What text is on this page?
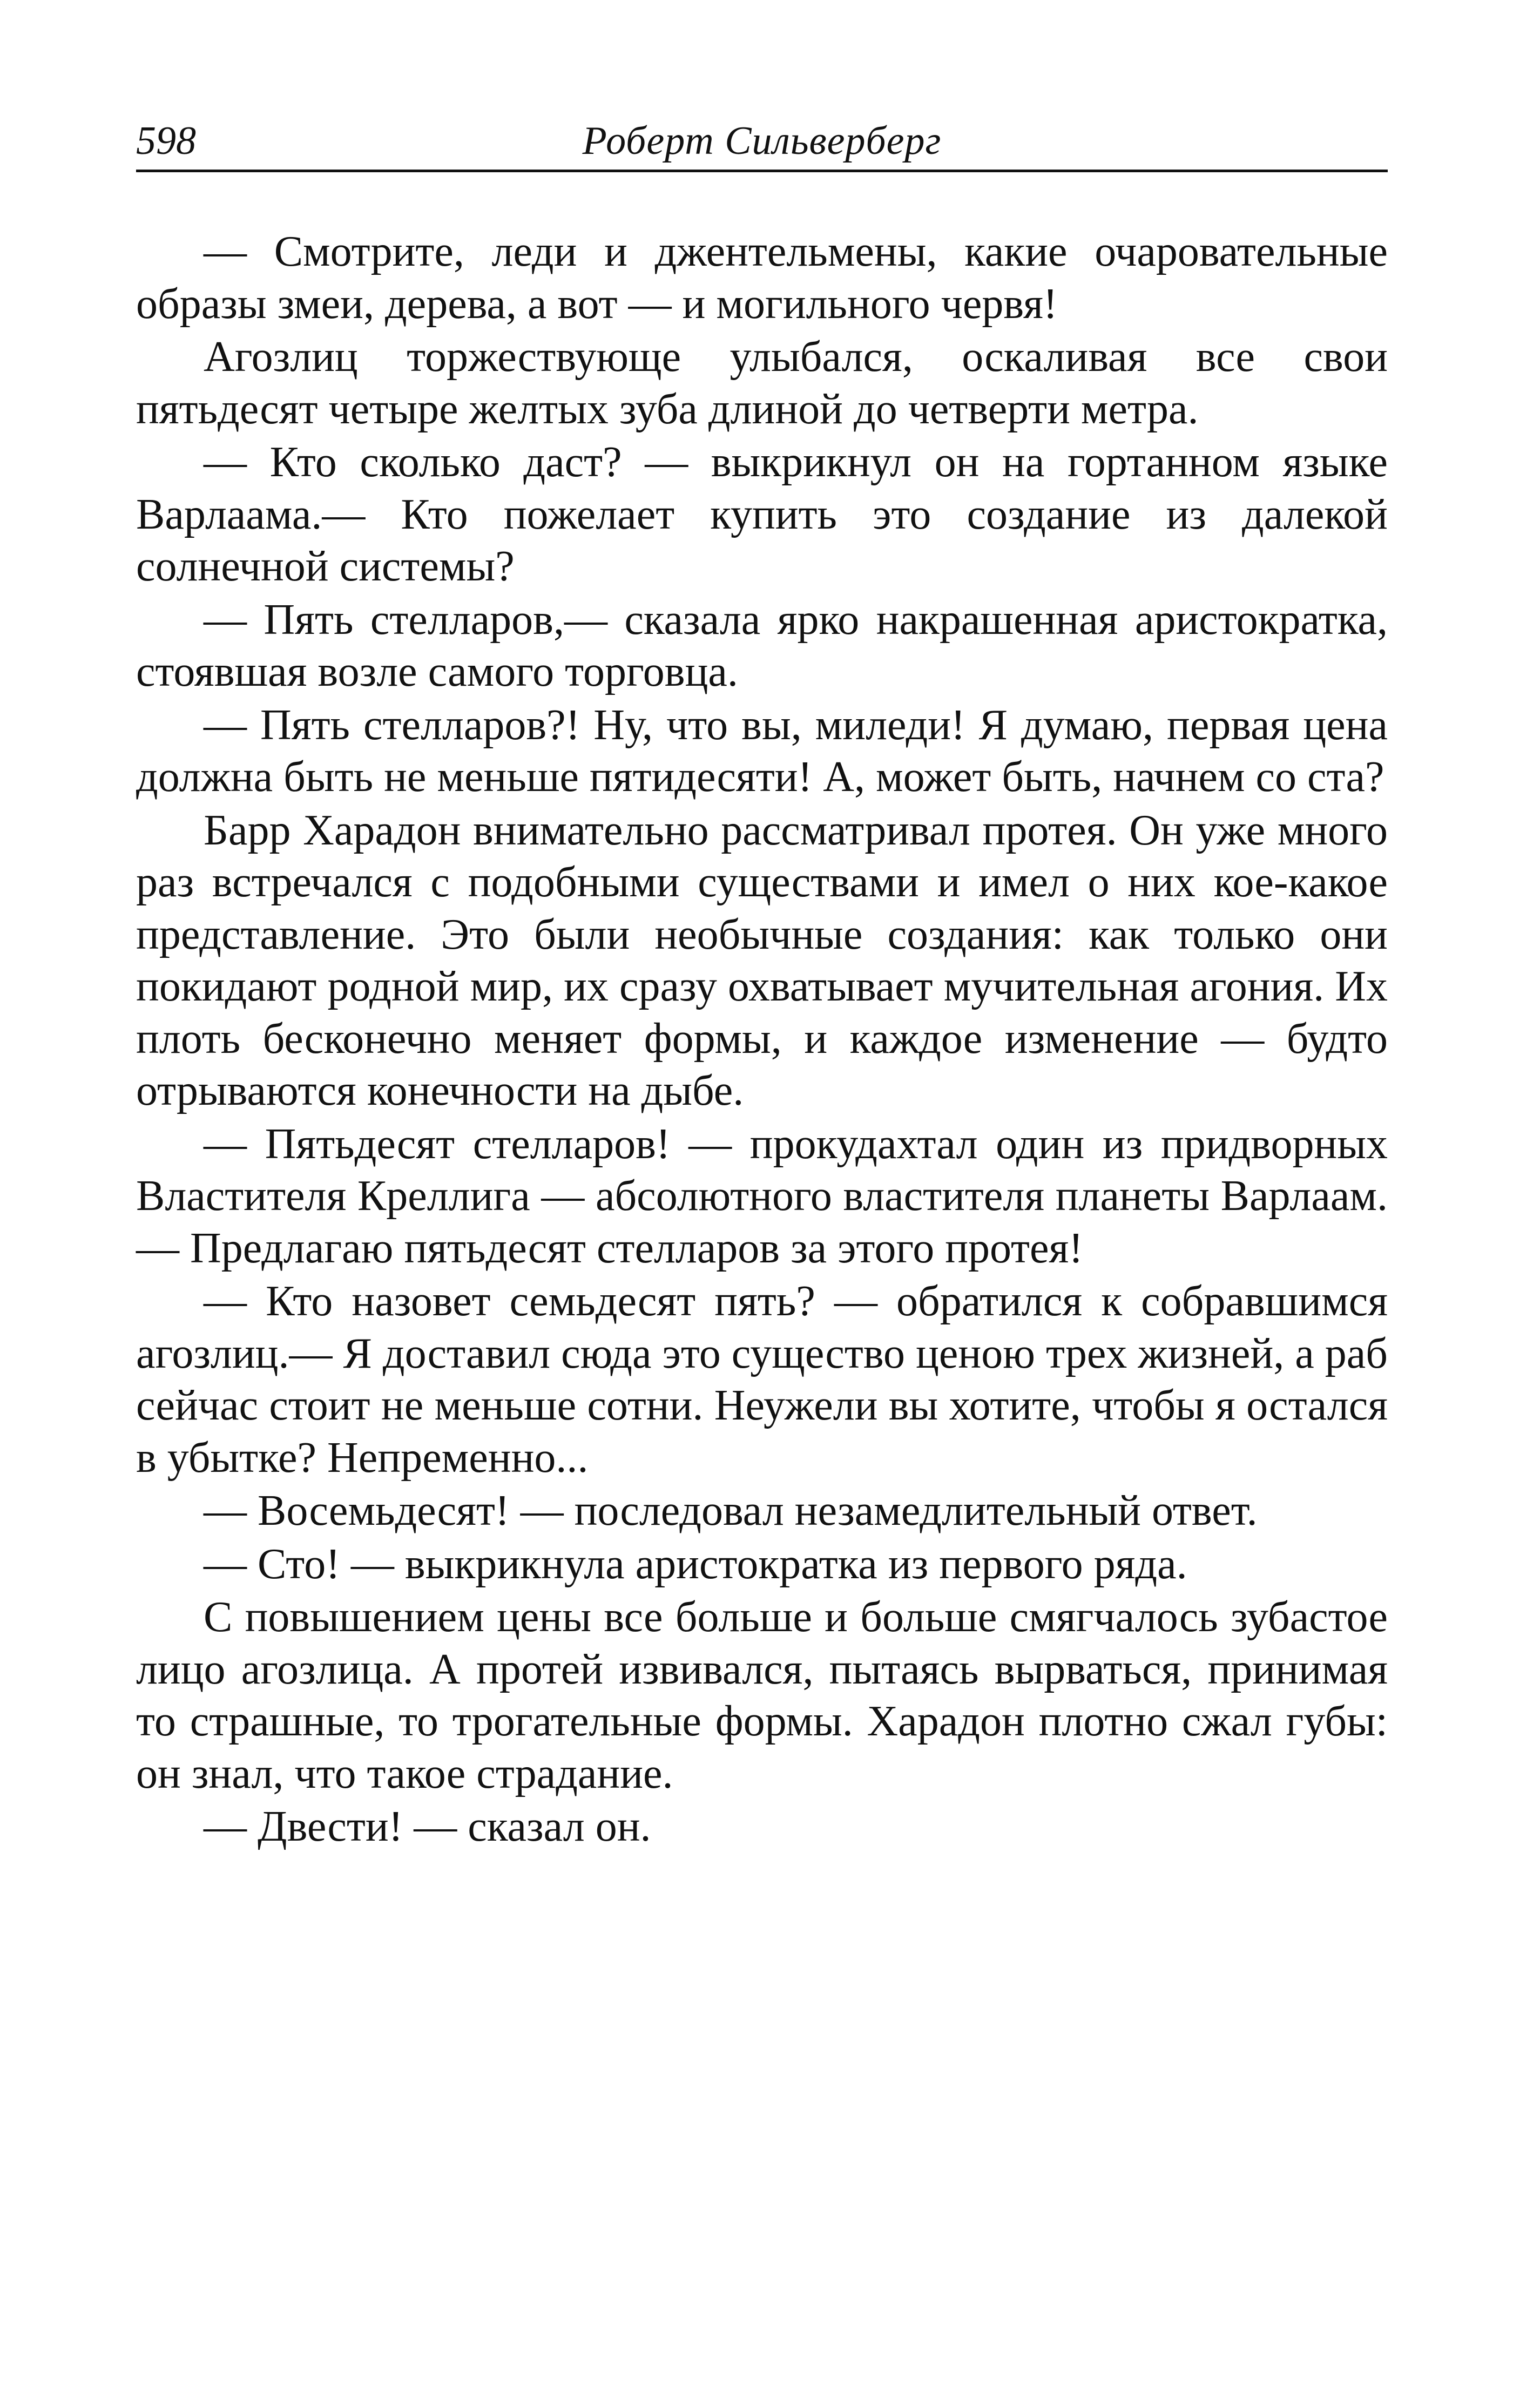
598	Роберт Сильверберг

— Смотрите, леди и джентельмены, какие очаровательные образы змеи, дерева, а вот — и могильного червя!

Агозлиц торжествующе улыбался, оскаливая все свои пятьдесят четыре желтых зуба длиной до четверти метра.

— Кто сколько даст? — выкрикнул он на гортанном языке Варлаама.— Кто пожелает купить это создание из далекой солнечной системы?

— Пять стелларов,— сказала ярко накрашенная аристократка, стоявшая возле самого торговца.

— Пять стелларов?! Ну, что вы, миледи! Я думаю, первая цена должна быть не меньше пятидесяти! А, может быть, начнем со ста?

Барр Харадон внимательно рассматривал протея. Он уже много раз встречался с подобными существами и имел о них кое-какое представление. Это были необычные создания: как только они покидают родной мир, их сразу охватывает мучительная агония. Их плоть бесконечно меняет формы, и каждое изменение — будто отрываются конечности на дыбе.

— Пятьдесят стелларов! — прокудахтал один из придворных Властителя Креллига — абсолютного властителя планеты Варлаам.— Предлагаю пятьдесят стелларов за этого протея!

— Кто назовет семьдесят пять? — обратился к собравшимся агозлиц.— Я доставил сюда это существо ценою трех жизней, а раб сейчас стоит не меньше сотни. Неужели вы хотите, чтобы я остался в убытке? Непременно...

— Восемьдесят! — последовал незамедлительный ответ.

— Сто! — выкрикнула аристократка из первого ряда.

С повышением цены все больше и больше смягчалось зубастое лицо агозлица. А протей извивался, пытаясь вырваться, принимая то страшные, то трогательные формы. Харадон плотно сжал губы: он знал, что такое страдание.

— Двести! — сказал он.
